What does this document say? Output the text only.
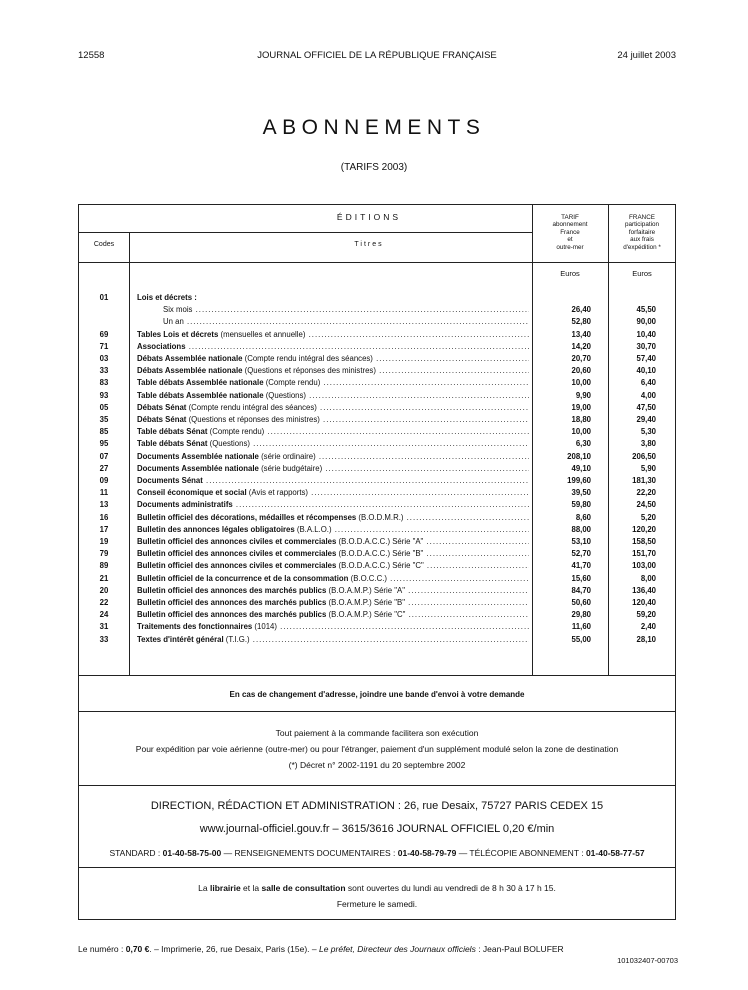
12558	JOURNAL OFFICIEL DE LA RÉPUBLIQUE FRANÇAISE	24 juillet 2003
ABONNEMENTS
(TARIFS 2003)
ÉDITIONS
Codes	Titres
TARIF
abonnement
France
et
outre-mer
FRANCE
participation
forfaitaire
aux frais
d'expédition *
Euros	Euros
01	Lois et décrets :
Six mois .....	26,40	45,50
Un an .....	52,80	90,00
69	Tables Lois et décrets (mensuelles et annuelle) .....	13,40	10,40
71	Associations .....	14,20	30,70
03	Débats Assemblée nationale (Compte rendu intégral des séances) .....	20,70	57,40
33	Débats Assemblée nationale (Questions et réponses des ministres) .....	20,60	40,10
83	Table débats Assemblée nationale (Compte rendu) .....	10,00	6,40
93	Table débats Assemblée nationale (Questions) .....	9,90	4,00
05	Débats Sénat (Compte rendu intégral des séances) .....	19,00	47,50
35	Débats Sénat (Questions et réponses des ministres) .....	18,80	29,40
85	Table débats Sénat (Compte rendu) .....	10,00	5,30
95	Table débats Sénat (Questions) .....	6,30	3,80
07	Documents Assemblée nationale (série ordinaire) .....	208,10	206,50
27	Documents Assemblée nationale (série budgétaire) .....	49,10	5,90
09	Documents Sénat .....	199,60	181,30
11	Conseil économique et social (Avis et rapports) .....	39,50	22,20
13	Documents administratifs .....	59,80	24,50
16	Bulletin officiel des décorations, médailles et récompenses (B.O.D.M.R.) .....	8,60	5,20
17	Bulletin des annonces légales obligatoires (B.A.L.O.) .....	88,00	120,20
19	Bulletin officiel des annonces civiles et commerciales (B.O.D.A.C.C.) Série "A" .....	53,10	158,50
79	Bulletin officiel des annonces civiles et commerciales (B.O.D.A.C.C.) Série "B" .....	52,70	151,70
89	Bulletin officiel des annonces civiles et commerciales (B.O.D.A.C.C.) Série "C" .....	41,70	103,00
21	Bulletin officiel de la concurrence et de la consommation (B.O.C.C.) .....	15,60	8,00
20	Bulletin officiel des annonces des marchés publics (B.O.A.M.P.) Série "A" .....	84,70	136,40
22	Bulletin officiel des annonces des marchés publics (B.O.A.M.P.) Série "B" .....	50,60	120,40
24	Bulletin officiel des annonces des marchés publics (B.O.A.M.P.) Série "C" .....	29,80	59,20
31	Traitements des fonctionnaires (1014) .....	11,60	2,40
33	Textes d'intérêt général (T.I.G.) .....	55,00	28,10
En cas de changement d'adresse, joindre une bande d'envoi à votre demande
Tout paiement à la commande facilitera son exécution
Pour expédition par voie aérienne (outre-mer) ou pour l'étranger, paiement d'un supplément modulé selon la zone de destination
(*) Décret n° 2002-1191 du 20 septembre 2002
DIRECTION, RÉDACTION ET ADMINISTRATION : 26, rue Desaix, 75727 PARIS CEDEX 15
www.journal-officiel.gouv.fr – 3615/3616 JOURNAL OFFICIEL 0,20 €/min
STANDARD : 01-40-58-75-00 — RENSEIGNEMENTS DOCUMENTAIRES : 01-40-58-79-79 — TÉLÉCOPIE ABONNEMENT : 01-40-58-77-57
La librairie et la salle de consultation sont ouvertes du lundi au vendredi de 8 h 30 à 17 h 15.
Fermeture le samedi.
Le numéro : 0,70 €. – Imprimerie, 26, rue Desaix, Paris (15e). – Le préfet, Directeur des Journaux officiels : Jean-Paul BOLUFER
101032407-00703
